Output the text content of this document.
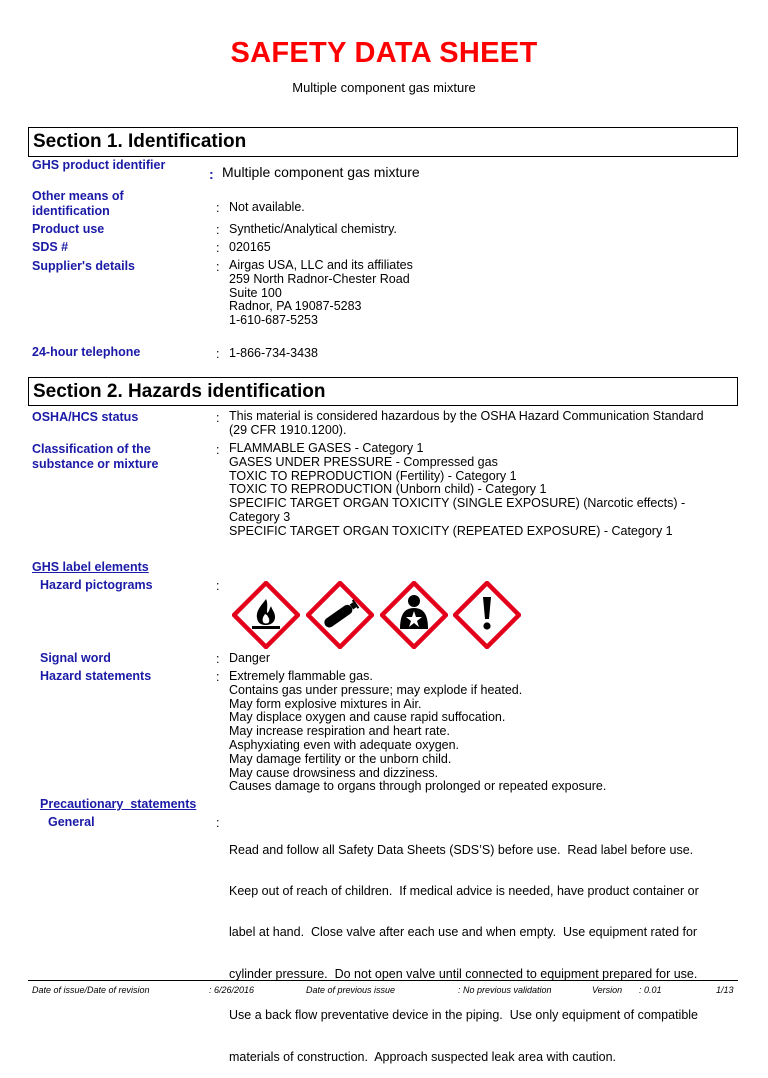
SAFETY DATA SHEET
Multiple component gas mixture
Section 1. Identification
GHS product identifier
: Multiple component gas mixture
Other means of identification	: Not available.
Product use	: Synthetic/Analytical chemistry.
SDS #	: 020165
Supplier's details	: Airgas USA, LLC and its affiliates
259 North Radnor-Chester Road
Suite 100
Radnor, PA 19087-5283
1-610-687-5253
24-hour telephone	: 1-866-734-3438
Section 2. Hazards identification
OSHA/HCS status	: This material is considered hazardous by the OSHA Hazard Communication Standard
(29 CFR 1910.1200).
Classification of the substance or mixture
: FLAMMABLE GASES - Category 1
GASES UNDER PRESSURE - Compressed gas
TOXIC TO REPRODUCTION (Fertility) - Category 1
TOXIC TO REPRODUCTION (Unborn child) - Category 1
SPECIFIC TARGET ORGAN TOXICITY (SINGLE EXPOSURE) (Narcotic effects) -
Category 3
SPECIFIC TARGET ORGAN TOXICITY (REPEATED EXPOSURE) - Category 1
GHS label elements
Hazard pictograms	:
Signal word	: Danger
Hazard statements	: Extremely flammable gas.
Contains gas under pressure; may explode if heated.
May form explosive mixtures in Air.
May displace oxygen and cause rapid suffocation.
May increase respiration and heart rate.
Asphyxiating even with adequate oxygen.
May damage fertility or the unborn child.
May cause drowsiness and dizziness.
Causes damage to organs through prolonged or repeated exposure.
Precautionary  statements
General	:

Read and follow all Safety Data Sheets (SDS’S) before use.  Read label before use.

Keep out of reach of children.  If medical advice is needed, have product container or

label at hand.  Close valve after each use and when empty.  Use equipment rated for

cylinder pressure.  Do not open valve until connected to equipment prepared for use.

Use a back flow preventative device in the piping.  Use only equipment of compatible

materials of construction.  Approach suspected leak area with caution.

Date of issue/Date of revision	: 6/26/2016	Date of previous issue	: No previous validation	Version : 0.01	1/13
